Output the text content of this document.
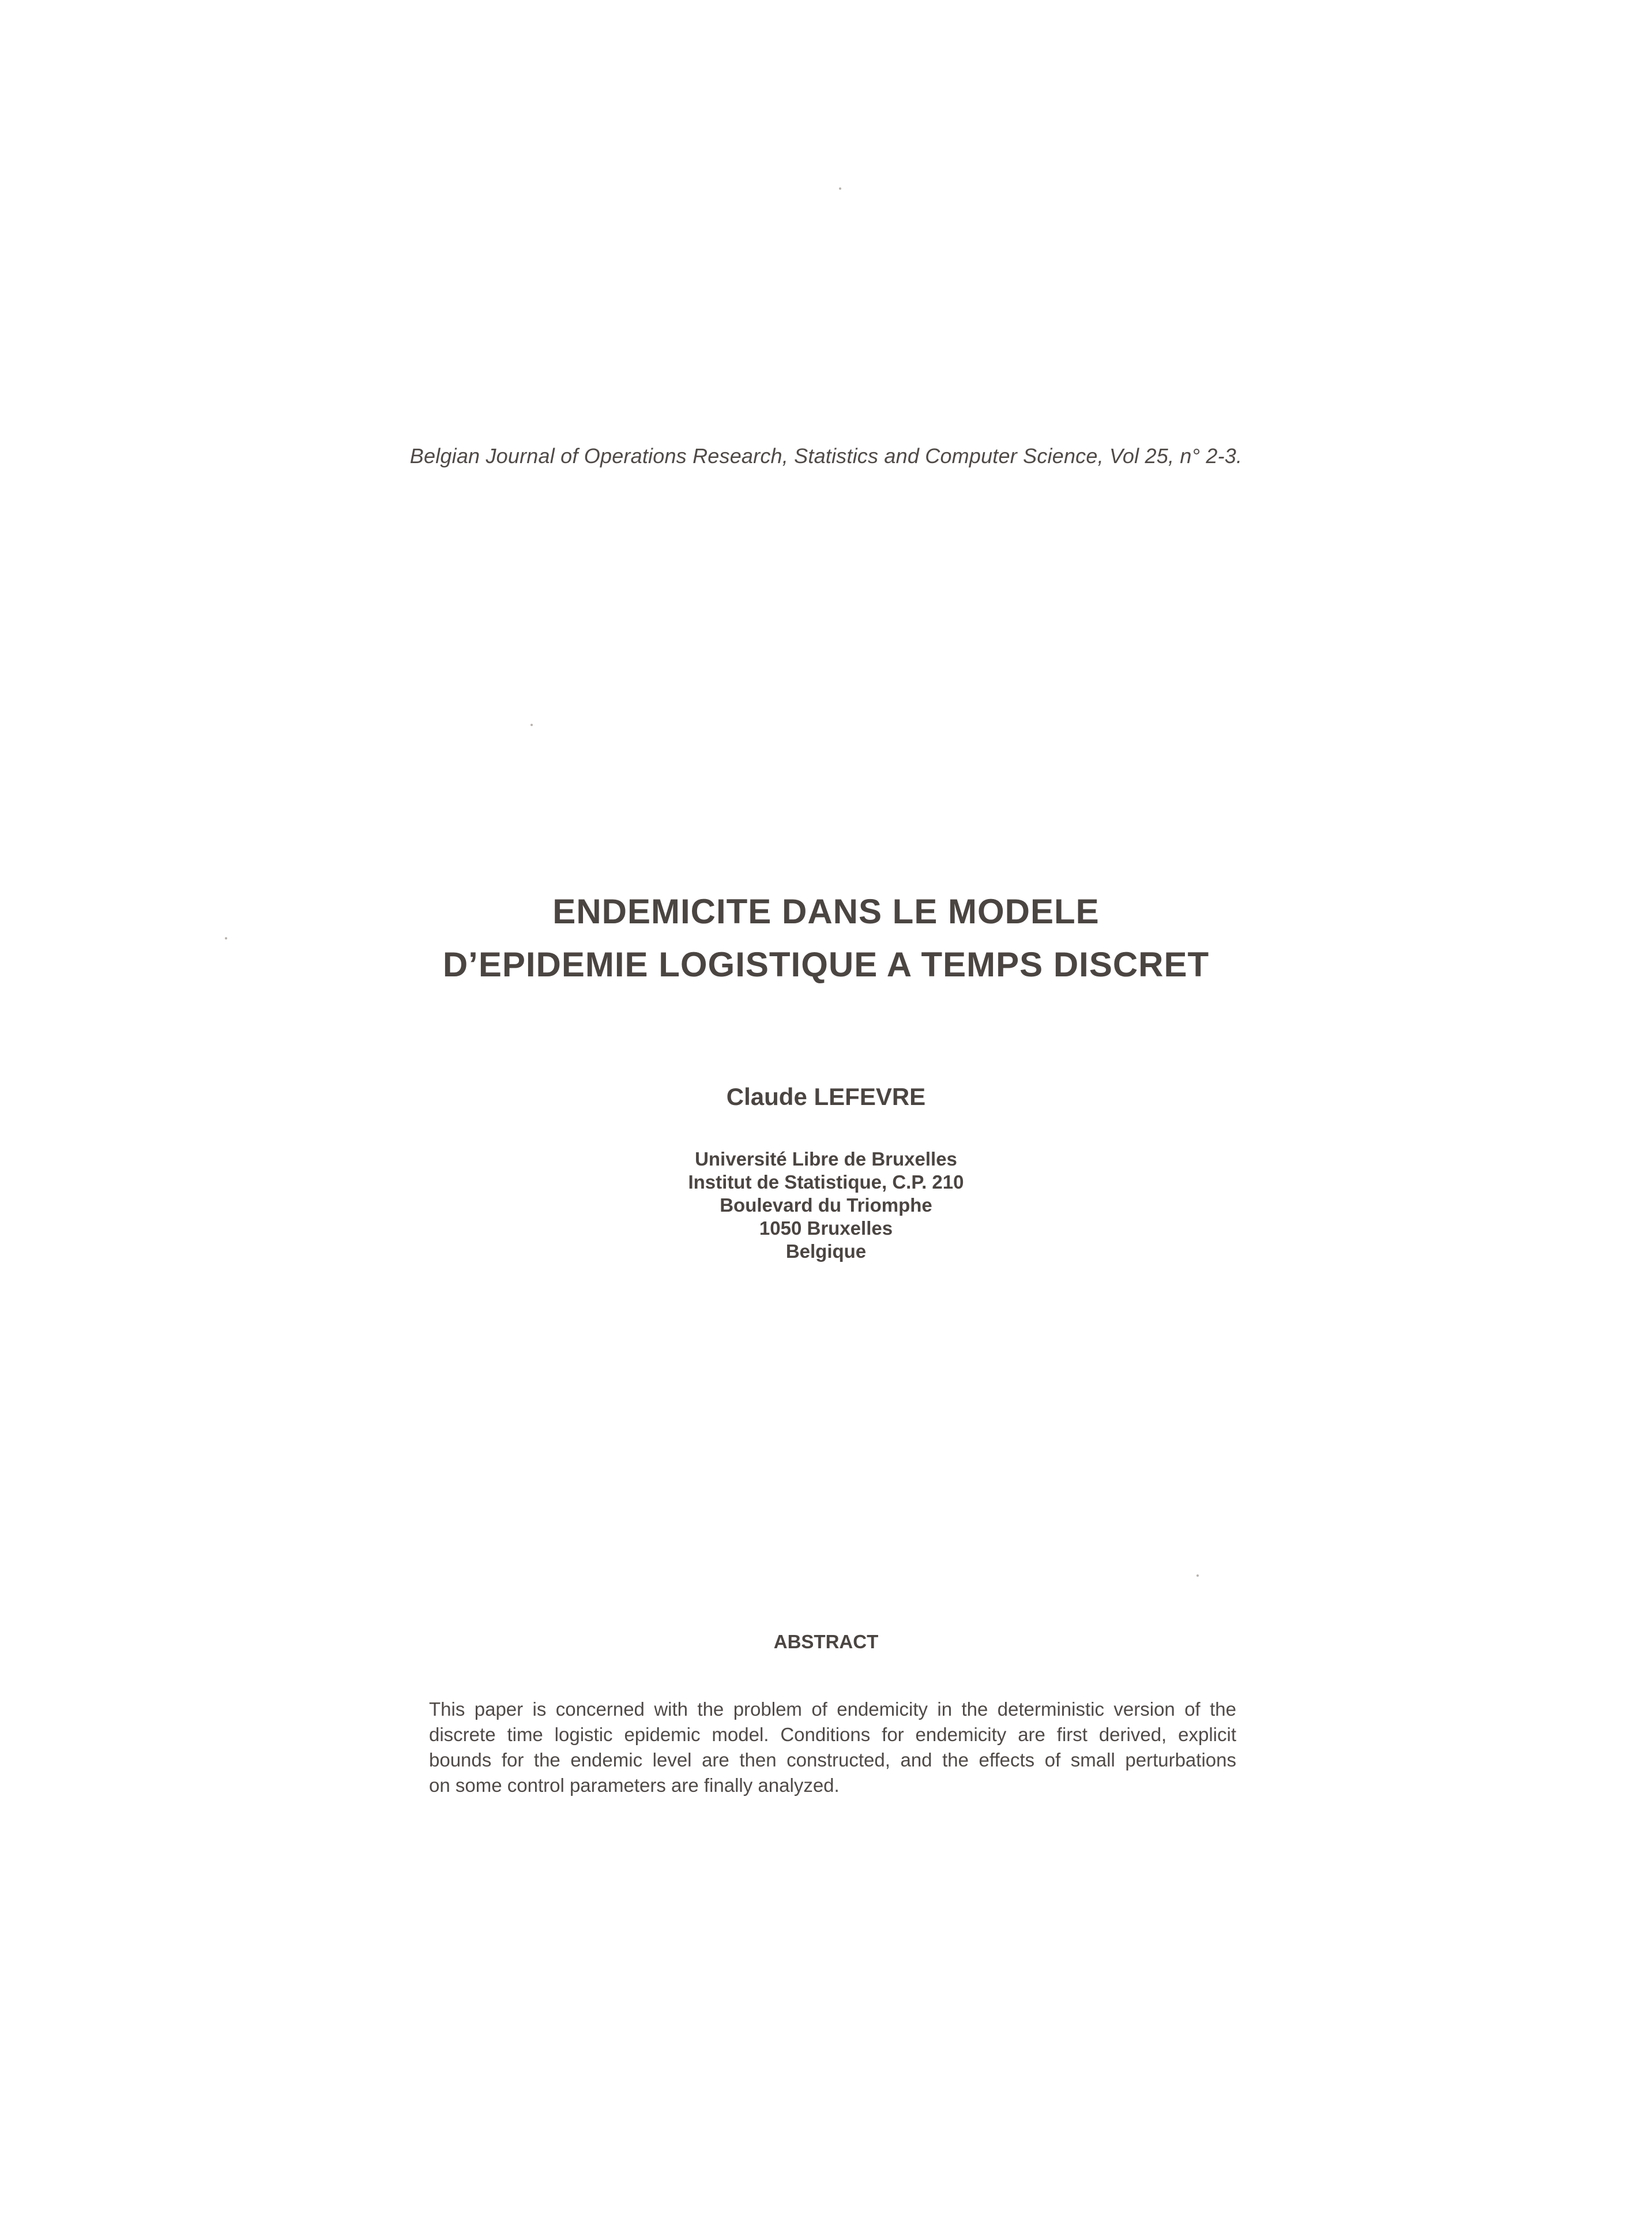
Belgian Journal of Operations Research, Statistics and Computer Science, Vol 25, n° 2-3.
ENDEMICITE DANS LE MODELE
D’EPIDEMIE LOGISTIQUE A TEMPS DISCRET
Claude LEFEVRE
Université Libre de Bruxelles
Institut de Statistique, C.P. 210
Boulevard du Triomphe
1050 Bruxelles
Belgique
ABSTRACT
This paper is concerned with the problem of endemicity in the deterministic version of the
discrete time logistic epidemic model. Conditions for endemicity are first derived, explicit
bounds for the endemic level are then constructed, and the effects of small perturbations
on some control parameters are finally analyzed.
